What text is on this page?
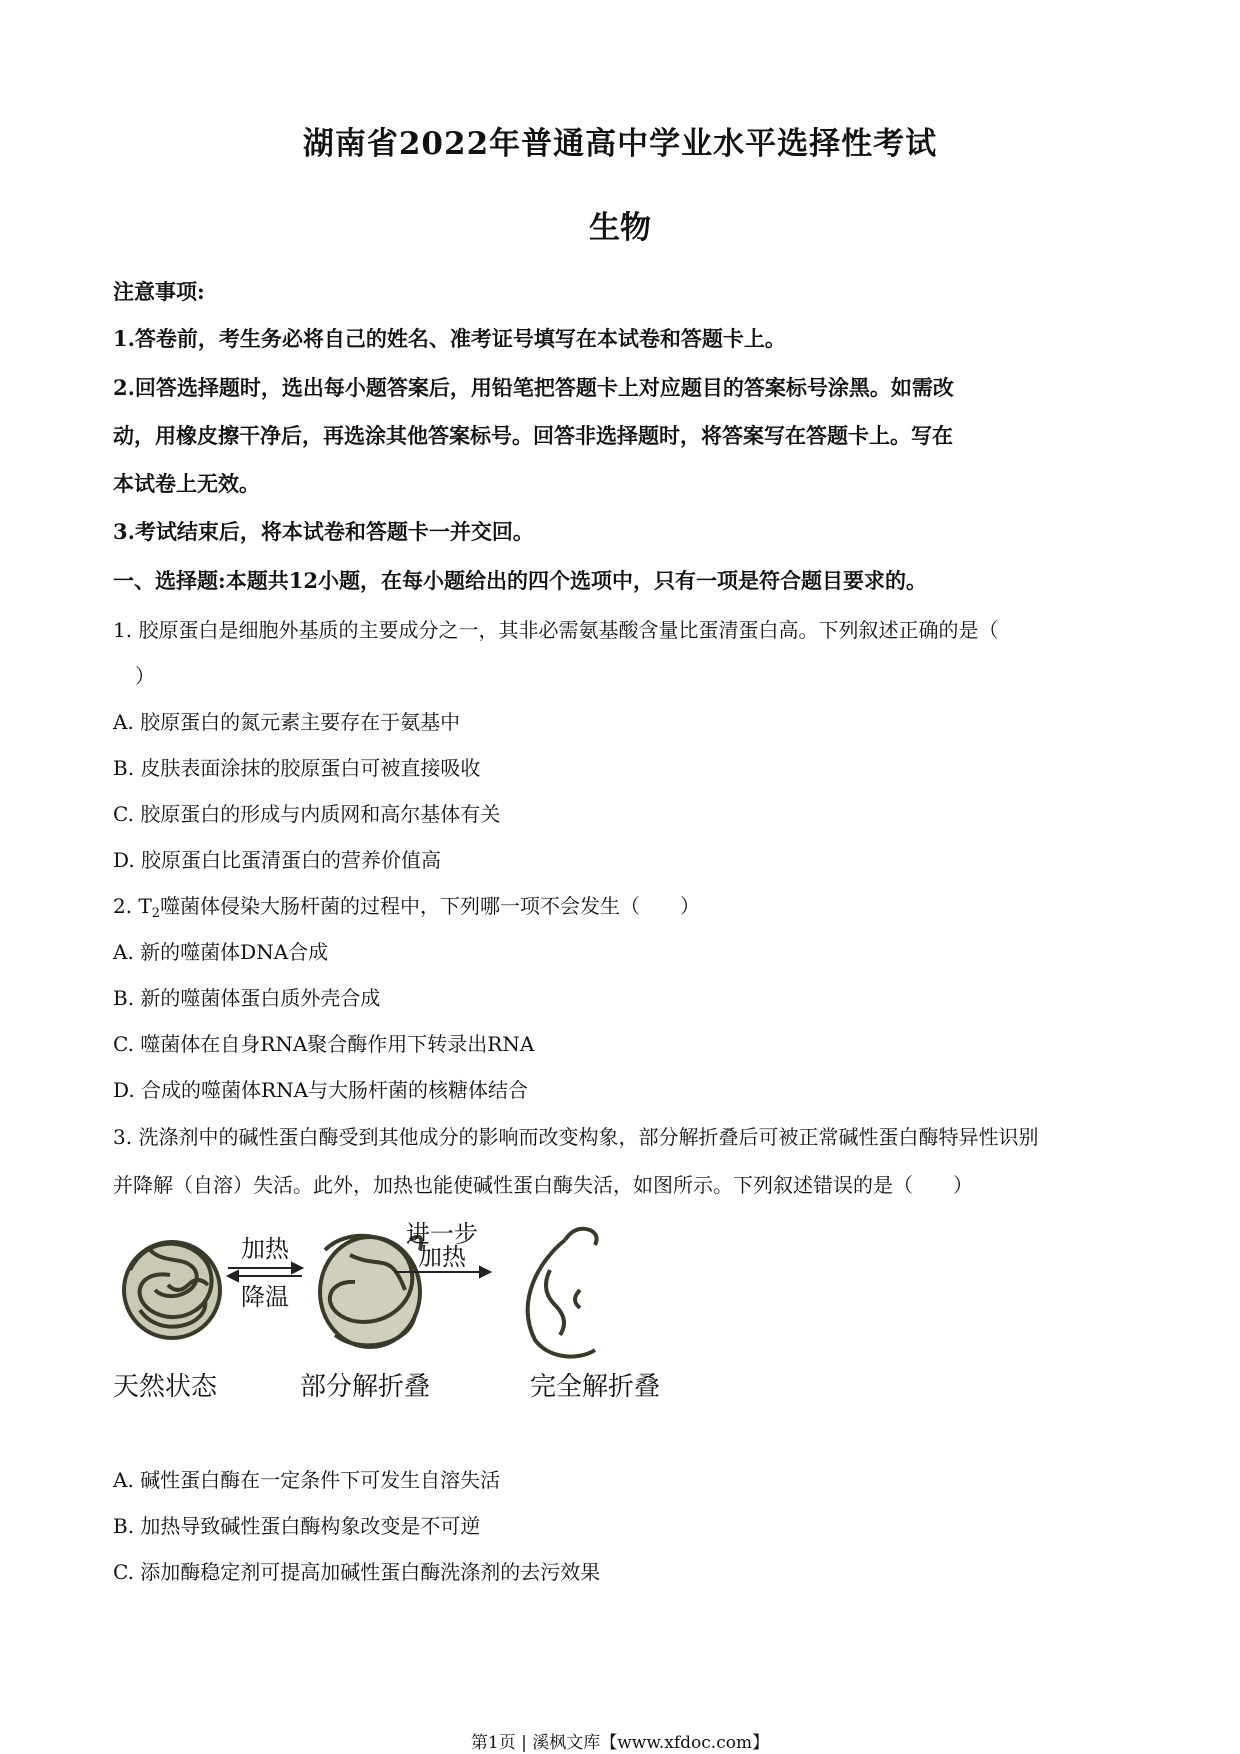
湖南省2022年普通高中学业水平选择性考试
生物
注意事项:
1.答卷前，考生务必将自己的姓名、准考证号填写在本试卷和答题卡上。
2.回答选择题时，选出每小题答案后，用铅笔把答题卡上对应题目的答案标号涂黑。如需改
动，用橡皮擦干净后，再选涂其他答案标号。回答非选择题时，将答案写在答题卡上。写在
本试卷上无效。
3.考试结束后，将本试卷和答题卡一并交回。
一、选择题:本题共12小题，在每小题给出的四个选项中，只有一项是符合题目要求的。
1. 胶原蛋白是细胞外基质的主要成分之一，其非必需氨基酸含量比蛋清蛋白高。下列叙述正确的是（
）
A. 胶原蛋白的氮元素主要存在于氨基中
B. 皮肤表面涂抹的胶原蛋白可被直接吸收
C. 胶原蛋白的形成与内质网和高尔基体有关
D. 胶原蛋白比蛋清蛋白的营养价值高
2. $T_2$噬菌体侵染大肠杆菌的过程中，下列哪一项不会发生（　　）
A. 新的噬菌体DNA合成
B. 新的噬菌体蛋白质外壳合成
C. 噬菌体在自身RNA聚合酶作用下转录出RNA
D. 合成的噬菌体RNA与大肠杆菌的核糖体结合
3. 洗涤剂中的碱性蛋白酶受到其他成分的影响而改变构象，部分解折叠后可被正常碱性蛋白酶特异性识别
并降解（自溶）失活。此外，加热也能使碱性蛋白酶失活，如图所示。下列叙述错误的是（　　）
加热
降温
进一步
加热
天然状态	部分解折叠	完全解折叠
A. 碱性蛋白酶在一定条件下可发生自溶失活
B. 加热导致碱性蛋白酶构象改变是不可逆
C. 添加酶稳定剂可提高加碱性蛋白酶洗涤剂的去污效果
第1页 | 溪枫文库【www.xfdoc.com】
